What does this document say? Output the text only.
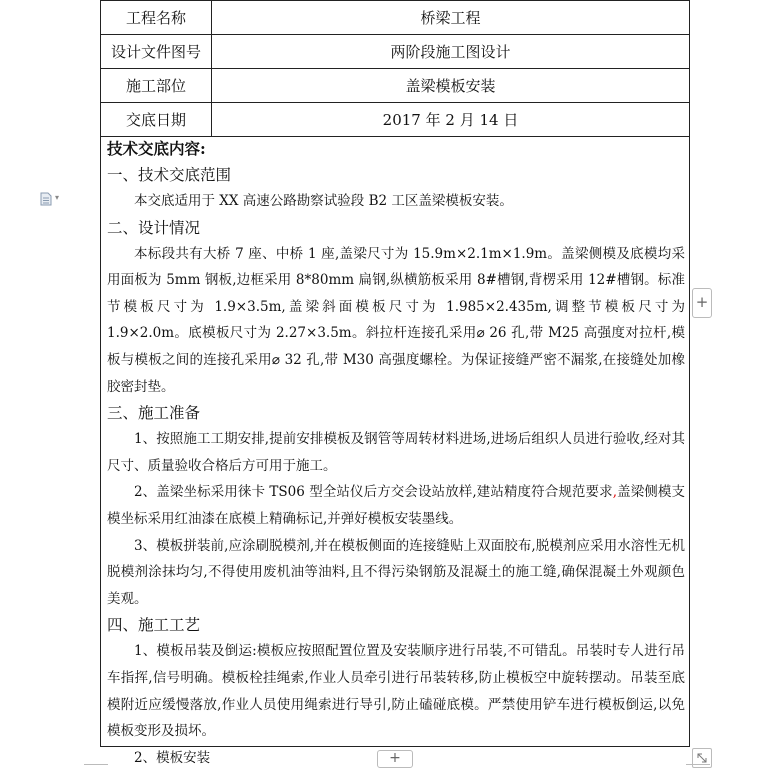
工程名称	桥梁工程
设计文件图号	两阶段施工图设计
施工部位	盖梁模板安装
交底日期	2017 年 2 月 14 日
技术交底内容:
一、技术交底范围

本交底适用于 XX 高速公路勘察试验段 B2 工区盖梁模板安装。

二、设计情况

本标段共有大桥 7 座、中桥 1 座,盖梁尺寸为 15.9m×2.1m×1.9m。盖梁侧模及底模均采用面板为 5mm 钢板,边框采用 8*80mm 扁钢,纵横筋板采用 8#槽钢,背楞采用 12#槽钢。标准节模板尺寸为 1.9×3.5m,盖梁斜面模板尺寸为 1.985×2.435m,调整节模板尺寸为 1.9×2.0m。底模板尺寸为 2.27×3.5m。斜拉杆连接孔采用⌀ 26 孔,带 M25 高强度对拉杆,模板与模板之间的连接孔采用⌀ 32 孔,带 M30 高强度螺栓。为保证接缝严密不漏浆,在接缝处加橡胶密封垫。

三、施工准备

1、按照施工工期安排,提前安排模板及钢管等周转材料进场,进场后组织人员进行验收,经对其尺寸、质量验收合格后方可用于施工。

2、盖梁坐标采用徕卡 TS06 型全站仪后方交会设站放样,建站精度符合规范要求,盖梁侧模支模坐标采用红油漆在底模上精确标记,并弹好模板安装墨线。

3、模板拼装前,应涂刷脱模剂,并在模板侧面的连接缝贴上双面胶布,脱模剂应采用水溶性无机脱模剂涂抹均匀,不得使用废机油等油料,且不得污染钢筋及混凝土的施工缝,确保混凝土外观颜色美观。

四、施工工艺

1、模板吊装及倒运:模板应按照配置位置及安装顺序进行吊装,不可错乱。吊装时专人进行吊车指挥,信号明确。模板栓挂绳索,作业人员牵引进行吊装转移,防止模板空中旋转摆动。吊装至底模附近应缓慢落放,作业人员使用绳索进行导引,防止磕碰底模。严禁使用铲车进行模板倒运,以免模板变形及损坏。

2、模板安装

▾
+
+
